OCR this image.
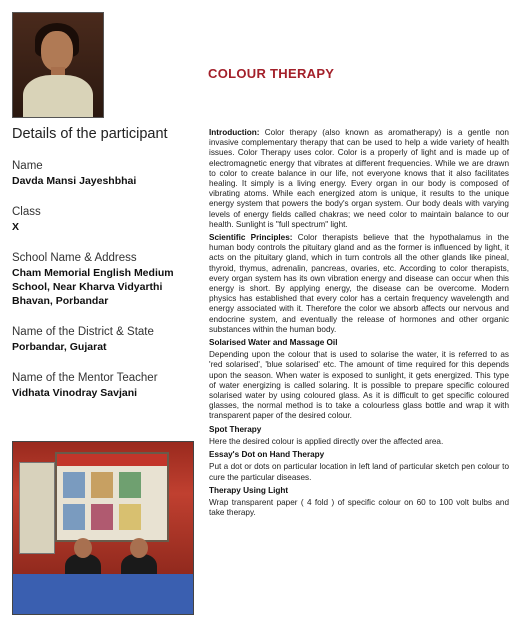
Details of the participant
Name
Davda Mansi Jayeshbhai
Class
X
School Name & Address
Cham Memorial English Medium School, Near Kharva Vidyarthi Bhavan, Porbandar
Name of the District & State
Porbandar, Gujarat
Name of the Mentor Teacher
Vidhata Vinodray Savjani
COLOUR THERAPY

Introduction: Color therapy (also known as aromatherapy) is a gentle non invasive complementary therapy that can be used to help a wide variety of health issues. Color Therapy uses color. Color is a properly of light and is made up of electromagnetic energy that vibrates at different frequencies. While we are drawn to color to create balance in our life, not everyone knows that it also facilitates healing. It simply is a living energy. Every organ in our body is composed of vibrating atoms. While each energized atom is unique, it results to the unique energy system that powers the body's organ system. Our body deals with varying levels of energy fields called chakras; we need color to maintain balance to our health. Sunlight is "full spectrum" light.

Scientific Principles: Color therapists believe that the hypothalamus in the human body controls the pituitary gland and as the former is influenced by light, it acts on the pituitary gland, which in turn controls all the other glands like pineal, thyroid, thymus, adrenalin, pancreas, ovaries, etc. According to color therapists, every organ system has its own vibration energy and disease can occur when this energy is short. By applying energy, the disease can be overcome. Modern physics has established that every color has a certain frequency wavelength and energy associated with it. Therefore the color we absorb affects our nervous and endocrine system, and eventually the release of hormones and other organic substances within the human body.

Solarised Water and Massage Oil

Depending upon the colour that is used to solarise the water, it is referred to as 'red solarised', 'blue solarised' etc. The amount of time required for this depends upon the season. When water is exposed to sunlight, it gets energized. This type of water energizing is called solaring. It is possible to prepare specific coloured solarised water by using coloured glass. As it is difficult to get specific coloured glasses, the normal method is to take a colourless glass bottle and wrap it with transparent paper of the desired colour.

Spot Therapy

Here the desired colour is applied directly over the affected area.

Essay's Dot on Hand Therapy

Put a dot or dots on particular location in left land of particular sketch pen colour to cure the particular diseases.

Therapy Using Light

Wrap transparent paper ( 4 fold ) of specific colour on 60 to 100 volt bulbs and take therapy.
